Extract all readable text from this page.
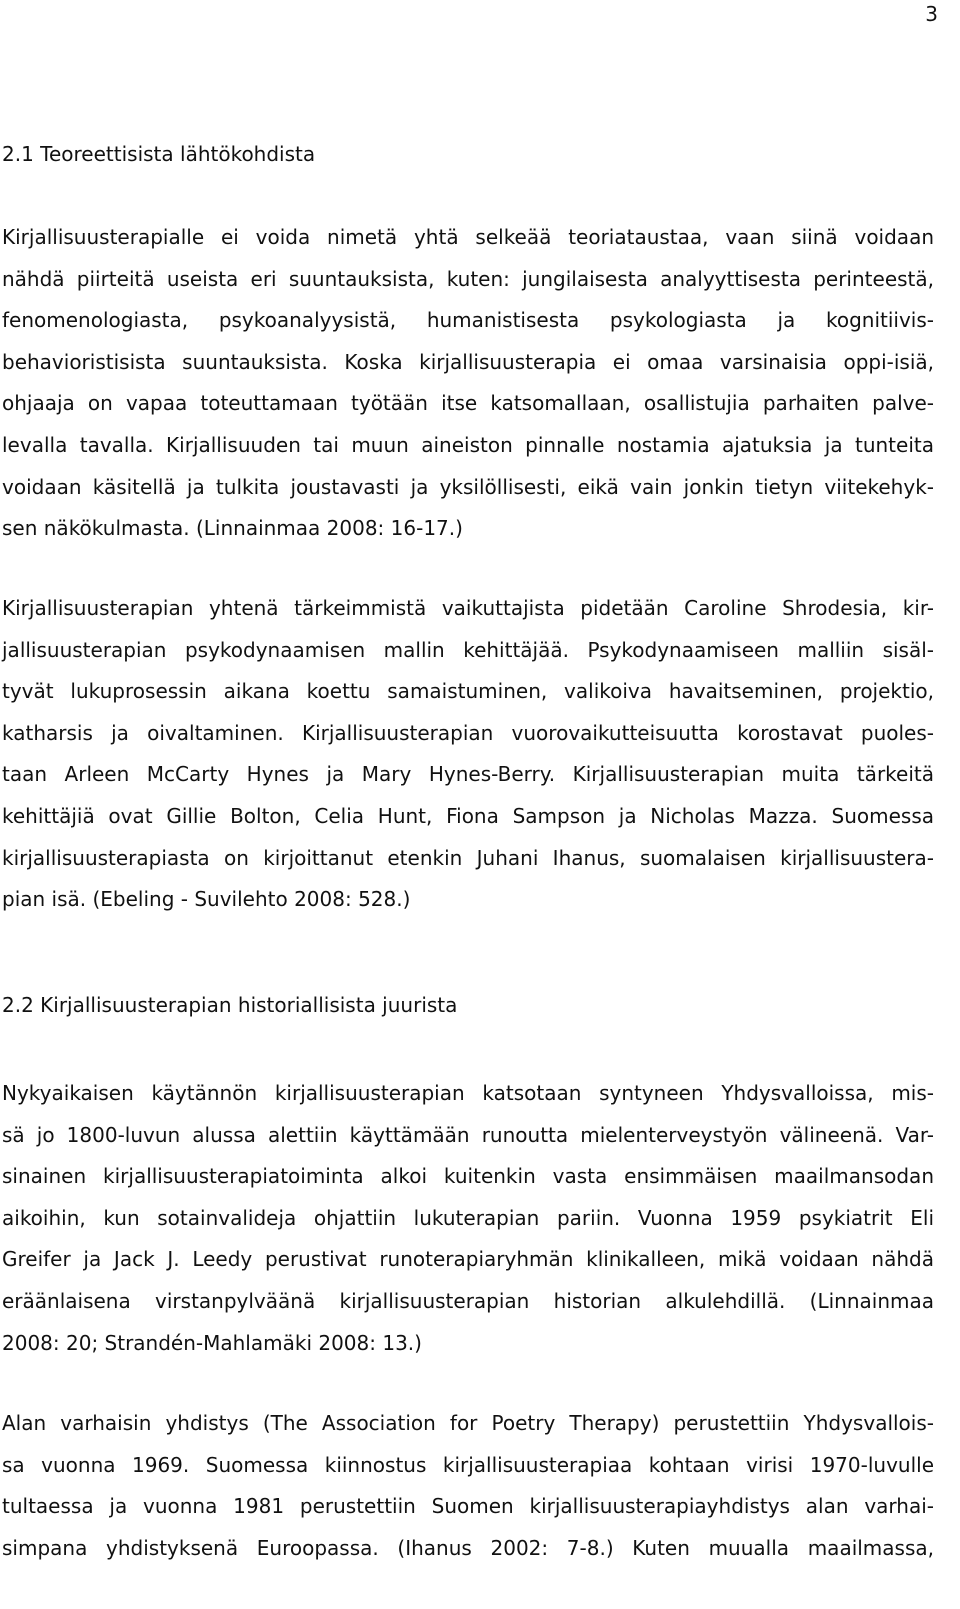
3
2.1 Teoreettisista lähtökohdista

Kirjallisuusterapialle ei voida nimetä yhtä selkeää teoriataustaa, vaan siinä voidaan
nähdä piirteitä useista eri suuntauksista, kuten: jungilaisesta analyyttisesta perinteestä,
fenomenologiasta, psykoanalyysistä, humanistisesta psykologiasta ja kognitiivis-
behavioristisista suuntauksista. Koska kirjallisuusterapia ei omaa varsinaisia oppi-isiä,
ohjaaja on vapaa toteuttamaan työtään itse katsomallaan, osallistujia parhaiten palve-
levalla tavalla. Kirjallisuuden tai muun aineiston pinnalle nostamia ajatuksia ja tunteita
voidaan käsitellä ja tulkita joustavasti ja yksilöllisesti, eikä vain jonkin tietyn viitekehyk-
sen näkökulmasta. (Linnainmaa 2008: 16-17.)

Kirjallisuusterapian yhtenä tärkeimmistä vaikuttajista pidetään Caroline Shrodesia, kir-
jallisuusterapian psykodynaamisen mallin kehittäjää. Psykodynaamiseen malliin sisäl-
tyvät lukuprosessin aikana koettu samaistuminen, valikoiva havaitseminen, projektio,
katharsis ja oivaltaminen. Kirjallisuusterapian vuorovaikutteisuutta korostavat puoles-
taan Arleen McCarty Hynes ja Mary Hynes-Berry. Kirjallisuusterapian muita tärkeitä
kehittäjiä ovat Gillie Bolton, Celia Hunt, Fiona Sampson ja Nicholas Mazza. Suomessa
kirjallisuusterapiasta on kirjoittanut etenkin Juhani Ihanus, suomalaisen kirjallisuustera-
pian isä. (Ebeling - Suvilehto 2008: 528.)

2.2 Kirjallisuusterapian historiallisista juurista

Nykyaikaisen käytännön kirjallisuusterapian katsotaan syntyneen Yhdysvalloissa, mis-
sä jo 1800-luvun alussa alettiin käyttämään runoutta mielenterveystyön välineenä. Var-
sinainen kirjallisuusterapiatoiminta alkoi kuitenkin vasta ensimmäisen maailmansodan
aikoihin, kun sotainvalideja ohjattiin lukuterapian pariin. Vuonna 1959 psykiatrit Eli
Greifer ja Jack J. Leedy perustivat runoterapiaryhmän klinikalleen, mikä voidaan nähdä
eräänlaisena virstanpylväänä kirjallisuusterapian historian alkulehdillä. (Linnainmaa
2008: 20; Strandén-Mahlamäki 2008: 13.)

Alan varhaisin yhdistys (The Association for Poetry Therapy) perustettiin Yhdysvallois-
sa vuonna 1969. Suomessa kiinnostus kirjallisuusterapiaa kohtaan virisi 1970-luvulle
tultaessa ja vuonna 1981 perustettiin Suomen kirjallisuusterapiayhdistys alan varhai-
simpana yhdistyksenä Euroopassa. (Ihanus 2002: 7-8.) Kuten muualla maailmassa,
